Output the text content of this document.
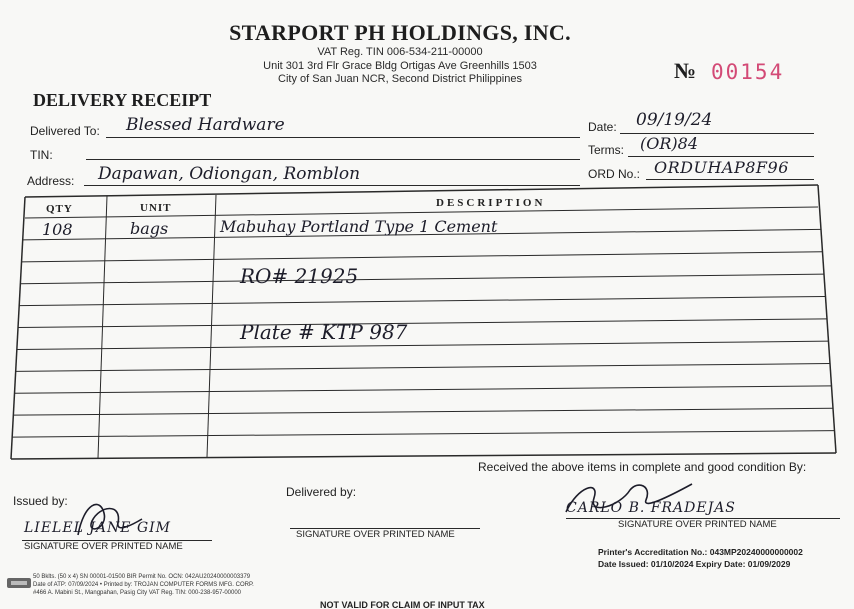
STARPORT PH HOLDINGS, INC.
VAT Reg. TIN 006-534-211-00000
Unit 301 3rd Flr Grace Bldg Ortigas Ave Greenhills 1503
City of San Juan NCR, Second District Philippines	№ 00154
DELIVERY RECEIPT
Delivered To: Blessed Hardware
TIN:
Address: Dapawan, Odiongan, Romblon
Date: 09/19/24
Terms: (OR)84
ORD No.: ORDUHAP8F96
QTY	UNIT	DESCRIPTION
108	bags	Mabuhay Portland Type 1 Cement
RO# 21925
Plate # KTP 987
Received the above items in complete and good condition By:
Issued by:
LIELEL JANE GIM
SIGNATURE OVER PRINTED NAME
Delivered by:
SIGNATURE OVER PRINTED NAME
CARLO B. FRADEJAS
SIGNATURE OVER PRINTED NAME
Printer's Accreditation No.: 043MP20240000000002
Date Issued: 01/10/2024 Expiry Date: 01/09/2029
50 Bklts. (50 x 4) SN 00001-01500 BIR Permit No. OCN: 042AU20240000003379
Date of ATP: 07/09/2024 • Printed by: TROJAN COMPUTER FORMS MFG. CORP.
#466 A. Mabini St., Mangpahan, Pasig City VAT Reg. TIN: 000-238-957-00000
NOT VALID FOR CLAIM OF INPUT TAX
